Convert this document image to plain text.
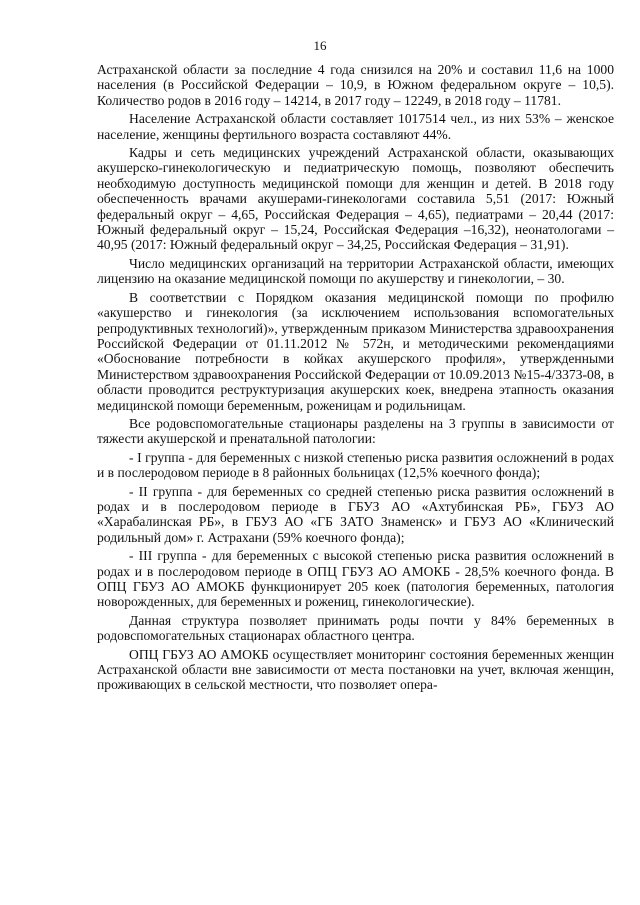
16

Астраханской области за последние 4 года снизился на 20% и составил 11,6 на 1000 населения (в Российской Федерации – 10,9, в Южном федеральном округе – 10,5). Количество родов в 2016 году – 14214, в 2017 году – 12249, в 2018 году – 11781.

Население Астраханской области составляет 1017514 чел., из них 53% – женское население, женщины фертильного возраста составляют 44%.

Кадры и сеть медицинских учреждений Астраханской области, оказывающих акушерско-гинекологическую и педиатрическую помощь, позволяют обеспечить необходимую доступность медицинской помощи для женщин и детей. В 2018 году обеспеченность врачами акушерами-гинекологами составила 5,51 (2017: Южный федеральный округ – 4,65, Российская Федерация – 4,65), педиатрами – 20,44 (2017: Южный федеральный округ – 15,24, Российская Федерация –16,32), неонатологами – 40,95 (2017: Южный федеральный округ – 34,25, Российская Федерация – 31,91).

Число медицинских организаций на территории Астраханской области, имеющих лицензию на оказание медицинской помощи по акушерству и гинекологии, – 30.

В соответствии с Порядком оказания медицинской помощи по профилю «акушерство и гинекология (за исключением использования вспомогательных репродуктивных технологий)», утвержденным приказом Министерства здравоохранения Российской Федерации от 01.11.2012 № 572н, и методическими рекомендациями «Обоснование потребности в койках акушерского профиля», утвержденными Министерством здравоохранения Российской Федерации от 10.09.2013 №15-4/3373-08, в области проводится реструктуризация акушерских коек, внедрена этапность оказания медицинской помощи беременным, роженицам и родильницам.

Все родовспомогательные стационары разделены на 3 группы в зависимости от тяжести акушерской и пренатальной патологии:

- I группа - для беременных с низкой степенью риска развития осложнений в родах и в послеродовом периоде в 8 районных больницах (12,5% коечного фонда);

- II группа - для беременных со средней степенью риска развития осложнений в родах и в послеродовом периоде в ГБУЗ АО «Ахтубинская РБ», ГБУЗ АО «Харабалинская РБ», в ГБУЗ АО «ГБ ЗАТО Знаменск» и ГБУЗ АО «Клинический родильный дом» г. Астрахани (59% коечного фонда);

- III группа - для беременных с высокой степенью риска развития осложнений в родах и в послеродовом периоде в ОПЦ ГБУЗ АО АМОКБ - 28,5% коечного фонда. В ОПЦ ГБУЗ АО АМОКБ функционирует 205 коек (патология беременных, патология новорожденных, для беременных и рожениц, гинекологические).

Данная структура позволяет принимать роды почти у 84% беременных в родовспомогательных стационарах областного центра.

ОПЦ ГБУЗ АО АМОКБ осуществляет мониторинг состояния беременных женщин Астраханской области вне зависимости от места постановки на учет, включая женщин, проживающих в сельской местности, что позволяет опера-
